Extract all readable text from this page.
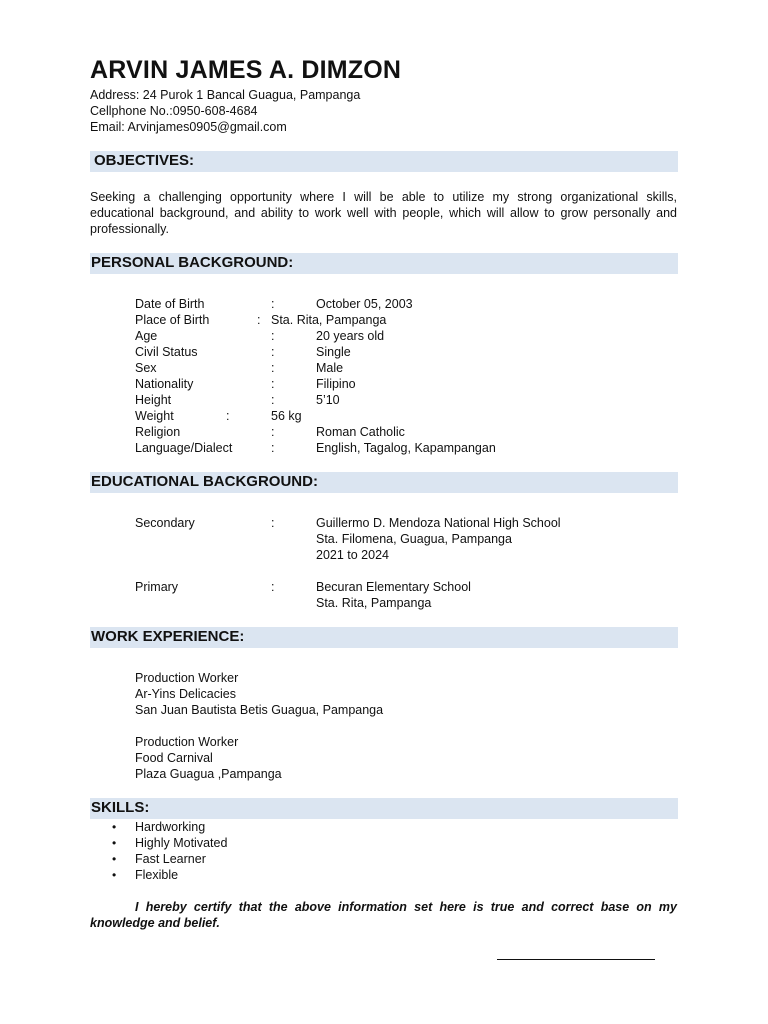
ARVIN JAMES A. DIMZON
Address: 24 Purok 1 Bancal Guagua, Pampanga
Cellphone No.:0950-608-4684
Email: Arvinjames0905@gmail.com
OBJECTIVES:
Seeking a challenging opportunity where I will be able to utilize my strong organizational skills, educational background, and ability to work well with people, which will allow to grow personally and professionally.
PERSONAL BACKGROUND:
Date of Birth	:	October 05, 2003
Place of Birth	: Sta. Rita, Pampanga
Age	:	20 years old
Civil Status	:	Single
Sex	:	Male
Nationality	:	Filipino
Height	:	5’10
Weight	:	56 kg
Religion	:	Roman Catholic
Language/Dialect	:	English, Tagalog, Kapampangan
EDUCATIONAL BACKGROUND:
Secondary	:	Guillermo D. Mendoza National High School
Sta. Filomena, Guagua, Pampanga
2021 to 2024
Primary	:	Becuran Elementary School
Sta. Rita, Pampanga
WORK EXPERIENCE:
Production Worker
Ar-Yins Delicacies
San Juan Bautista Betis Guagua, Pampanga
Production Worker
Food Carnival
Plaza Guagua ,Pampanga
SKILLS:
• Hardworking
• Highly Motivated
• Fast Learner
• Flexible
I hereby certify that the above information set here is true and correct base on my knowledge and belief.
